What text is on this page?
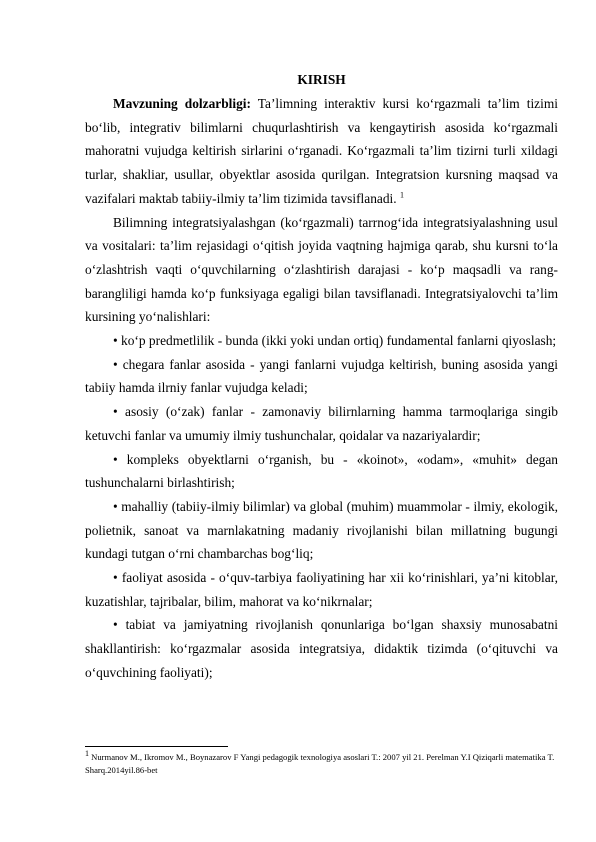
KIRISH

Mavzuning dolzarbligi: Ta’limning interaktiv kursi ko‘rgazmali ta’lim tizimi bo‘lib, integrativ bilimlarni chuqurlashtirish va kengaytirish asosida ko‘rgazmali mahoratni vujudga keltirish sirlarini o‘rganadi. Ko‘rgazmali ta’lim tizirni turli xildagi turlar, shakliar, usullar, obyektlar asosida qurilgan. Integratsion kursning maqsad va vazifalari maktab tabiiy-ilmiy ta’lim tizimida tavsiflanadi. $^1$

Bilimning integratsiyalashgan (ko‘rgazmali) tarrnog‘ida integratsiyalashning usul va vositalari: ta’lim rejasidagi o‘qitish joyida vaqtning hajmiga qarab, shu kursni to‘la o‘zlashtrish vaqti o‘quvchilarning o‘zlashtirish darajasi - ko‘p maqsadli va rang-barangliligi hamda ko‘p funksiyaga egaligi bilan tavsiflanadi. Integratsiyalovchi ta’lim kursining yo‘nalishlari:

• ko‘p predmetlilik - bunda (ikki yoki undan ortiq) fundamental fanlarni qiyoslash;

• chegara fanlar asosida - yangi fanlarni vujudga keltirish, buning asosida yangi tabiiy hamda ilrniy fanlar vujudga keladi;

• asosiy (o‘zak) fanlar - zamonaviy bilirnlarning hamma tarmoqlariga singib ketuvchi fanlar va umumiy ilmiy tushunchalar, qoidalar va nazariyalardir;

• kompleks obyektlarni o‘rganish, bu - «koinot», «odam», «muhit» degan tushunchalarni birlashtirish;

• mahalliy (tabiiy-ilmiy bilimlar) va global (muhim) muammolar - ilmiy, ekologik, polietnik, sanoat va marnlakatning madaniy rivojlanishi bilan millatning bugungi kundagi tutgan o‘rni chambarchas bog‘liq;

• faoliyat asosida - o‘quv-tarbiya faoliyatining har xii ko‘rinishlari, ya’ni kitoblar, kuzatishlar, tajribalar, bilim, mahorat va ko‘nikrnalar;

• tabiat va jamiyatning rivojlanish qonunlariga bo‘lgan shaxsiy munosabatni shakllantirish: ko‘rgazmalar asosida integratsiya, didaktik tizimda (o‘qituvchi va o‘quvchining faoliyati);

$^1$ Nurmanov M., Ikromov M., Boynazarov F Yangi pedagogik texnologiya asoslari T.: 2007 yil 21. Perelman Y.I Qiziqarli matematika T. Sharq.2014yil.86-bet
